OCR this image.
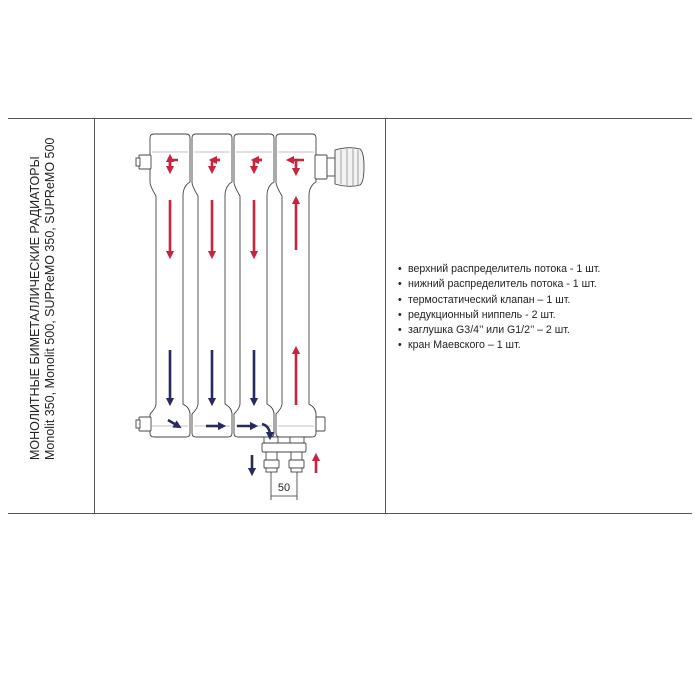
МОНОЛИТНЫЕ БИМЕТАЛЛИЧЕСКИЕ РАДИАТОРЫ Monolit 350, Monolit 500, SUPReMO 350, SUPReMO 500
50
• верхний распределитель потока - 1 шт.
• нижний распределитель потока - 1 шт.
• термостатический клапан – 1 шт.
• редукционный ниппель - 2 шт.
• заглушка G3/4’’ или G1/2’’ – 2 шт.
• кран Маевского – 1 шт.
